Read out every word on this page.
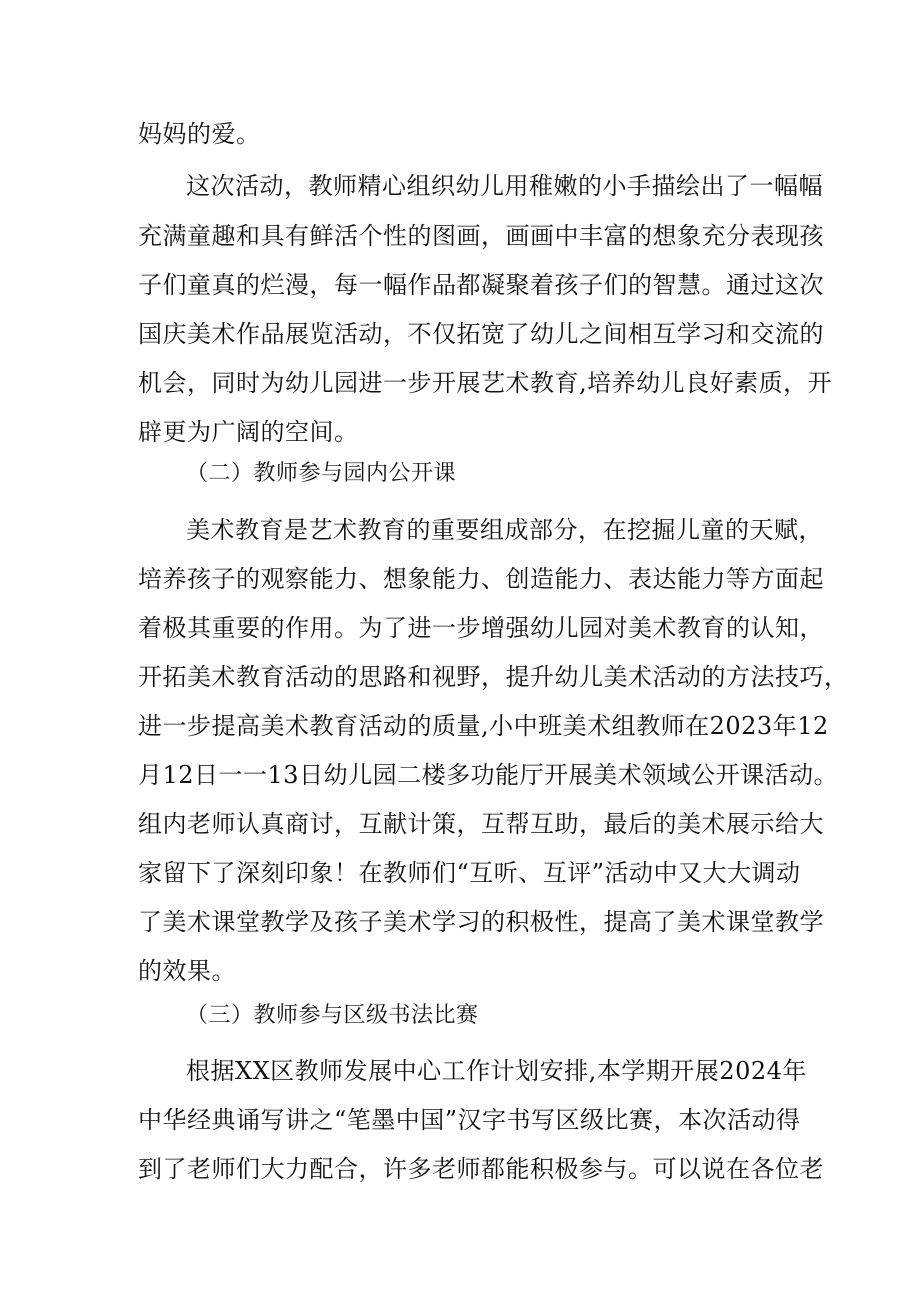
妈妈的爱。
这次活动，教师精心组织幼儿用稚嫩的小手描绘出了一幅幅
充满童趣和具有鲜活个性的图画，画画中丰富的想象充分表现孩
子们童真的烂漫，每一幅作品都凝聚着孩子们的智慧。通过这次
国庆美术作品展览活动，不仅拓宽了幼儿之间相互学习和交流的
机会，同时为幼儿园进一步开展艺术教育,培养幼儿良好素质，开
辟更为广阔的空间。
（二）教师参与园内公开课
美术教育是艺术教育的重要组成部分，在挖掘儿童的天赋，
培养孩子的观察能力、想象能力、创造能力、表达能力等方面起
着极其重要的作用。为了进一步增强幼儿园对美术教育的认知，
开拓美术教育活动的思路和视野，提升幼儿美术活动的方法技巧，
进一步提高美术教育活动的质量,小中班美术组教师在2023年12
月12日一一13日幼儿园二楼多功能厅开展美术领域公开课活动。
组内老师认真商讨，互献计策，互帮互助，最后的美术展示给大
家留下了深刻印象！在教师们“互听、互评”活动中又大大调动
了美术课堂教学及孩子美术学习的积极性，提高了美术课堂教学
的效果。
（三）教师参与区级书法比赛
根据XX区教师发展中心工作计划安排,本学期开展2024年
中华经典诵写讲之“笔墨中国”汉字书写区级比赛，本次活动得
到了老师们大力配合，许多老师都能积极参与。可以说在各位老
